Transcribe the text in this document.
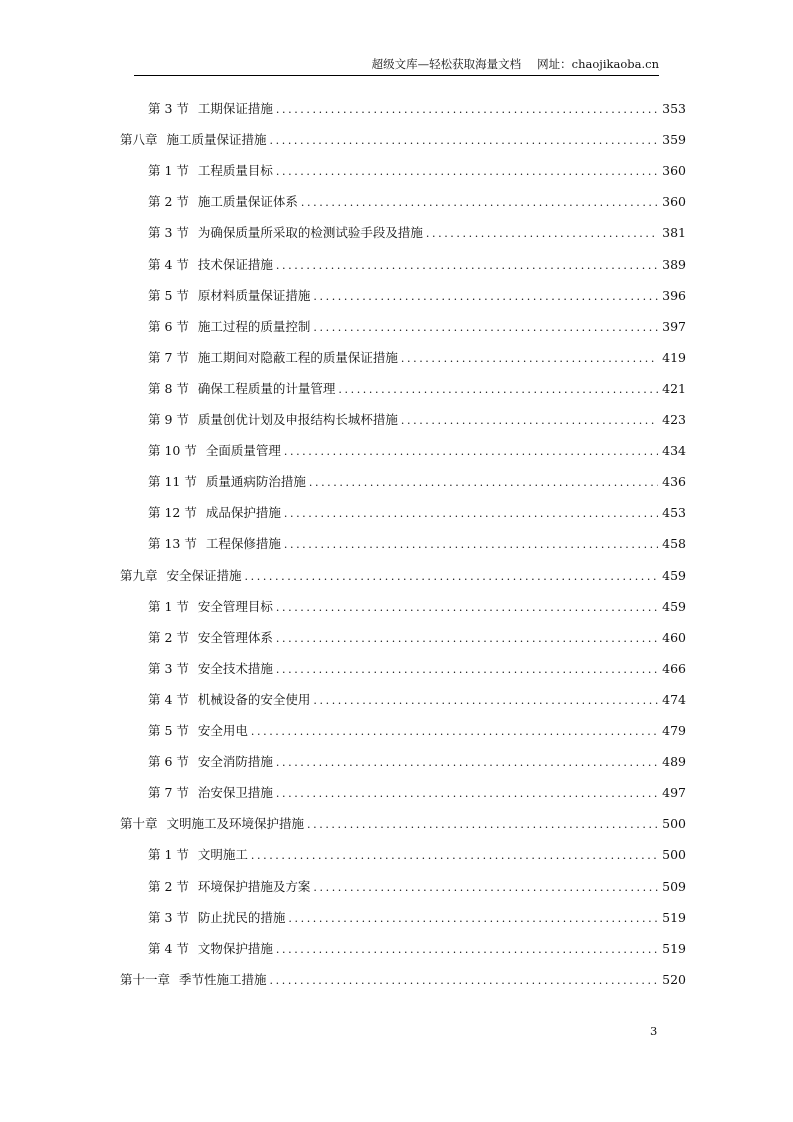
超级文库—轻松获取海量文档 网址：chaojikaoba.cn
第 3 节 工期保证措施 .....	353
第八章 施工质量保证措施 .....	359
第 1 节 工程质量目标 .....	360
第 2 节 施工质量保证体系 .....	360
第 3 节 为确保质量所采取的检测试验手段及措施 .....	381
第 4 节 技术保证措施 .....	389
第 5 节 原材料质量保证措施 .....	396
第 6 节 施工过程的质量控制 .....	397
第 7 节 施工期间对隐蔽工程的质量保证措施 .....	419
第 8 节 确保工程质量的计量管理 .....	421
第 9 节 质量创优计划及申报结构长城杯措施 .....	423
第 10 节 全面质量管理 .....	434
第 11 节 质量通病防治措施 .....	436
第 12 节 成品保护措施 .....	453
第 13 节 工程保修措施 .....	458
第九章 安全保证措施 .....	459
第 1 节 安全管理目标 .....	459
第 2 节 安全管理体系 .....	460
第 3 节 安全技术措施 .....	466
第 4 节 机械设备的安全使用 .....	474
第 5 节 安全用电 .....	479
第 6 节 安全消防措施 .....	489
第 7 节 治安保卫措施 .....	497
第十章 文明施工及环境保护措施 .....	500
第 1 节 文明施工 .....	500
第 2 节 环境保护措施及方案 .....	509
第 3 节 防止扰民的措施 .....	519
第 4 节 文物保护措施 .....	519
第十一章 季节性施工措施 .....	520
3
